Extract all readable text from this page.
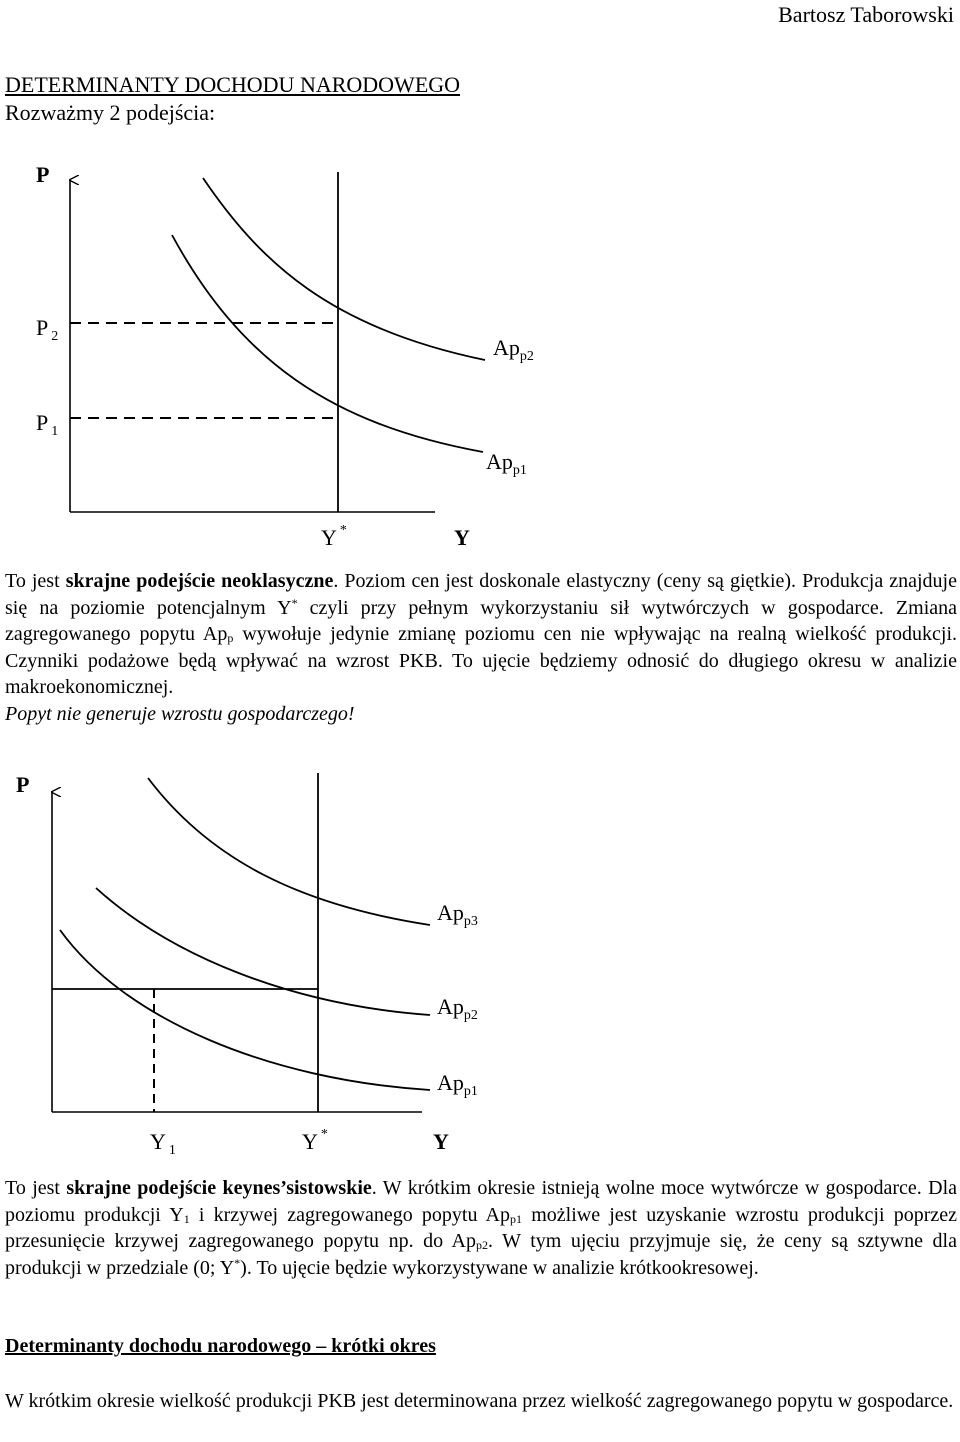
Bartosz Taborowski
DETERMINANTY DOCHODU NARODOWEGO
Rozważmy 2 podejścia:
P
P $_2$
P $_1$
$Ap_{p2}$
$Ap_{p1}$
Y *	Y

To jest skrajne podejście neoklasyczne. Poziom cen jest doskonale elastyczny (ceny są giętkie). Produkcja znajduje się na poziomie potencjalnym Y* czyli przy pełnym wykorzystaniu sił wytwórczych w gospodarce. Zmiana zagregowanego popytu $Ap_p$ wywołuje jedynie zmianę poziomu cen nie wpływając na realną wielkość produkcji. Czynniki podażowe będą wpływać na wzrost PKB. To ujęcie będziemy odnosić do długiego okresu w analizie makroekonomicznej.
Popyt nie generuje wzrostu gospodarczego!

P
$Ap_{p3}$
$Ap_{p2}$
$Ap_{p1}$
Y $_1$	Y *	Y

To jest skrajne podejście keynes’sistowskie. W krótkim okresie istnieją wolne moce wytwórcze w gospodarce. Dla poziomu produkcji $Y_1$ i krzywej zagregowanego popytu $Ap_{p1}$ możliwe jest uzyskanie wzrostu produkcji poprzez przesunięcie krzywej zagregowanego popytu np. do $Ap_{p2}$. W tym ujęciu przyjmuje się, że ceny są sztywne dla produkcji w przedziale (0; Y*). To ujęcie będzie wykorzystywane w analizie krótkookresowej.

Determinanty dochodu narodowego – krótki okres

W krótkim okresie wielkość produkcji PKB jest determinowana przez wielkość zagregowanego popytu w gospodarce.
